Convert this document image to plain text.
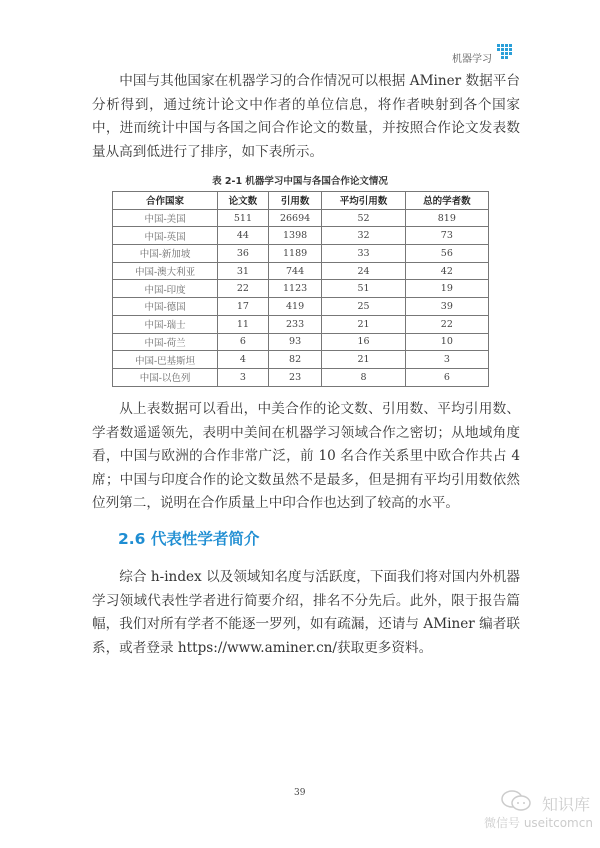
机器学习
中国与其他国家在机器学习的合作情况可以根据 AMiner 数据平台分析得到，通过统计论文中作者的单位信息，将作者映射到各个国家中，进而统计中国与各国之间合作论文的数量，并按照合作论文发表数量从高到低进行了排序，如下表所示。
表 2-1 机器学习中国与各国合作论文情况
合作国家	论文数	引用数	平均引用数	总的学者数
中国-美国	511	26694	52	819
中国-英国	44	1398	32	73
中国-新加坡	36	1189	33	56
中国-澳大利亚	31	744	24	42
中国-印度	22	1123	51	19
中国-德国	17	419	25	39
中国-瑞士	11	233	21	22
中国-荷兰	6	93	16	10
中国-巴基斯坦	4	82	21	3
中国-以色列	3	23	8	6
从上表数据可以看出，中美合作的论文数、引用数、平均引用数、学者数遥遥领先，表明中美间在机器学习领域合作之密切；从地域角度看，中国与欧洲的合作非常广泛，前 10 名合作关系里中欧合作共占 4 席；中国与印度合作的论文数虽然不是最多，但是拥有平均引用数依然位列第二，说明在合作质量上中印合作也达到了较高的水平。
2.6 代表性学者简介
综合 h-index 以及领域知名度与活跃度，下面我们将对国内外机器学习领域代表性学者进行简要介绍，排名不分先后。此外，限于报告篇幅，我们对所有学者不能逐一罗列，如有疏漏，还请与 AMiner 编者联系，或者登录 https://www.aminer.cn/获取更多资料。
39
知识库
微信号 useitcomcn
